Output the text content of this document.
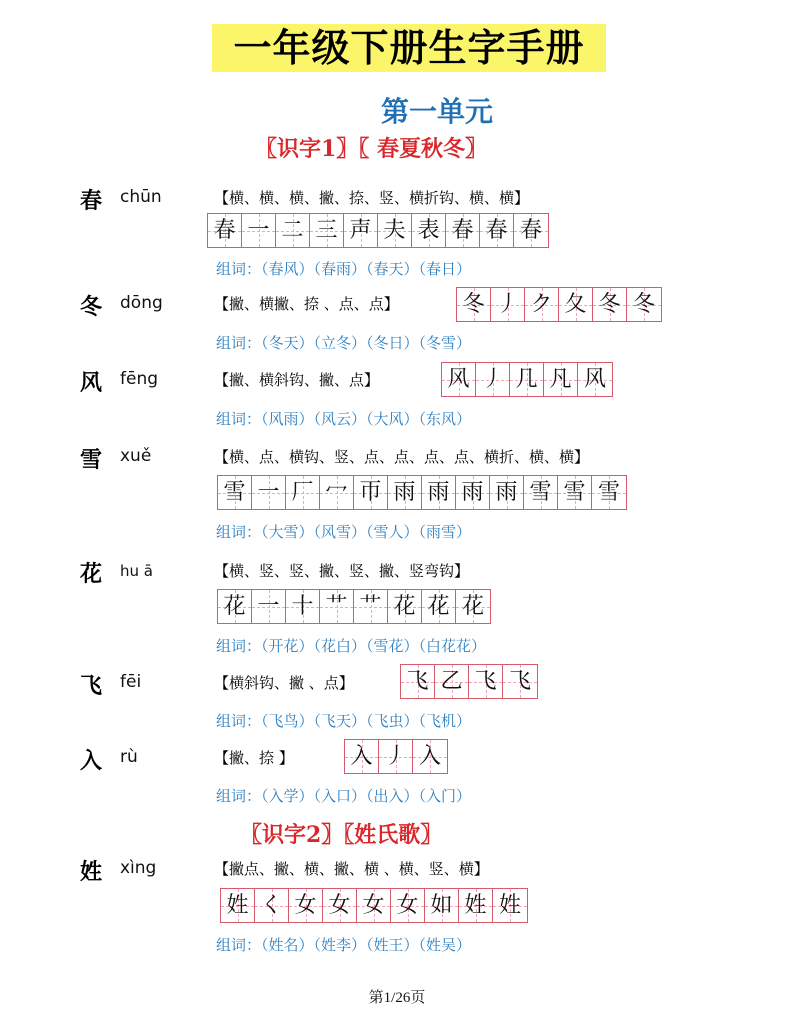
一年级下册生字手册
第一单元
〖识字1〗〖 春夏秋冬〗
春 chūn	【横、横、横、撇、捺、竖、横折钩、横、横】
春 一 二 三 声 夫 表 春 春 春
组词：（春风）（春雨）（春天）（春日）
冬 dōng	【撇、横撇、捺 、点、点】	冬 丿 ク 夂 冬 冬
组词：（冬天）（立冬）（冬日）（冬雪）
风 fēng	【撇、横斜钩、撇、点】	风 丿 几 凡 风
组词：（风雨）（风云）（大风）（东风）
雪 xuě	【横、点、横钩、竖、点、点、点、点、横折、横、横】
雪 一 厂 冖 帀 雨 雨 雨 雨 雪 雪 雪
组词：（大雪）（风雪）（雪人）（雨雪）
花 hu ā	【横、竖、竖、撇、竖、撇、竖弯钩】
花 一 十 艹 艹 花 花 花
组词：（开花）（花白）（雪花）（白花花）
飞 fēi	【横斜钩、撇 、点】 飞 乙 飞 飞
组词：（飞鸟）（飞天）（飞虫）（飞机）
入 rù	【撇、捺 】	入 丿 入
组词：（入学）（入口）（出入）（入门）
〖识字2〗〖姓氏歌〗
姓 xìng	【撇点、撇、横、撇、横 、横、竖、横】
姓 く 女 女 女 女 如 姓 姓
组词：（姓名）（姓李）（姓王）（姓吴）
第1/26页
